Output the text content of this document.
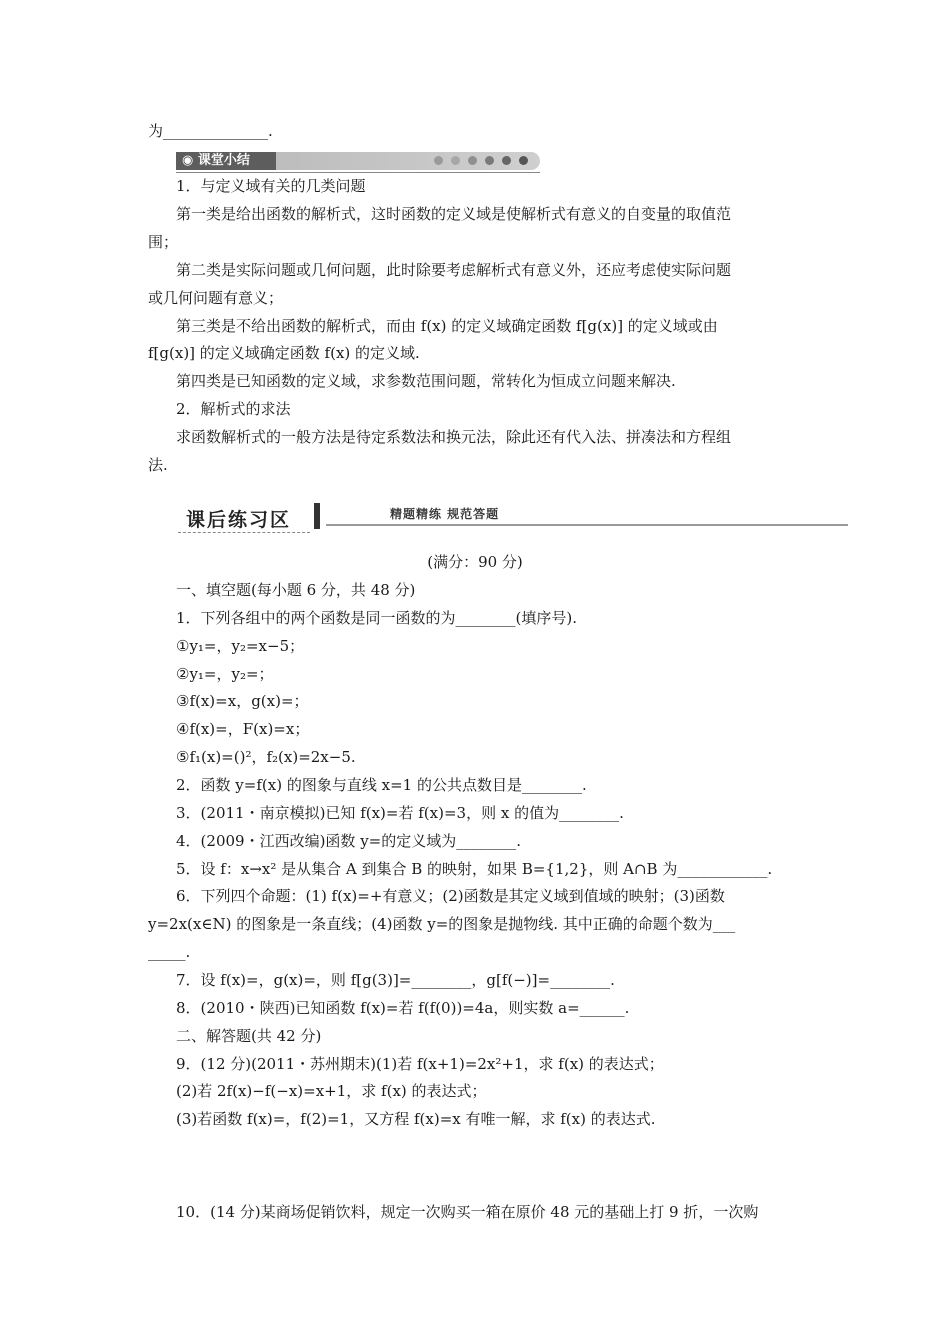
为______________.
◉ 课堂小结
1．与定义域有关的几类问题
第一类是给出函数的解析式，这时函数的定义域是使解析式有意义的自变量的取值范
围；
第二类是实际问题或几何问题，此时除要考虑解析式有意义外，还应考虑使实际问题
或几何问题有意义；
第三类是不给出函数的解析式，而由 f(x) 的定义域确定函数 f[g(x)] 的定义域或由
f[g(x)] 的定义域确定函数 f(x) 的定义域.
第四类是已知函数的定义域，求参数范围问题，常转化为恒成立问题来解决.
2．解析式的求法
求函数解析式的一般方法是待定系数法和换元法，除此还有代入法、拼凑法和方程组
法.
课后练习区	精题精练 规范答题
(满分：90 分)
一、填空题(每小题 6 分，共 48 分)
1．下列各组中的两个函数是同一函数的为________(填序号).
①y₁=，y₂=x−5；
②y₁=，y₂=；
③f(x)=x，g(x)=；
④f(x)=，F(x)=x；
⑤f₁(x)=()²，f₂(x)=2x−5.
2．函数 y=f(x) 的图象与直线 x=1 的公共点数目是________.
3．(2011・南京模拟)已知 f(x)=若 f(x)=3，则 x 的值为________.
4．(2009・江西改编)函数 y=的定义域为________.
5．设 f：x→x² 是从集合 A 到集合 B 的映射，如果 B={1,2}，则 A∩B 为____________.
6．下列四个命题：(1) f(x)=+有意义；(2)函数是其定义域到值域的映射；(3)函数
y=2x(x∈N) 的图象是一条直线；(4)函数 y=的图象是抛物线. 其中正确的命题个数为___
_____.
7．设 f(x)=，g(x)=，则 f[g(3)]=________，g[f(−)]=________.
8．(2010・陕西)已知函数 f(x)=若 f(f(0))=4a，则实数 a=______.
二、解答题(共 42 分)
9．(12 分)(2011・苏州期末)(1)若 f(x+1)=2x²+1，求 f(x) 的表达式；
(2)若 2f(x)−f(−x)=x+1，求 f(x) 的表达式；
(3)若函数 f(x)=，f(2)=1，又方程 f(x)=x 有唯一解，求 f(x) 的表达式.
10．(14 分)某商场促销饮料，规定一次购买一箱在原价 48 元的基础上打 9 折，一次购
